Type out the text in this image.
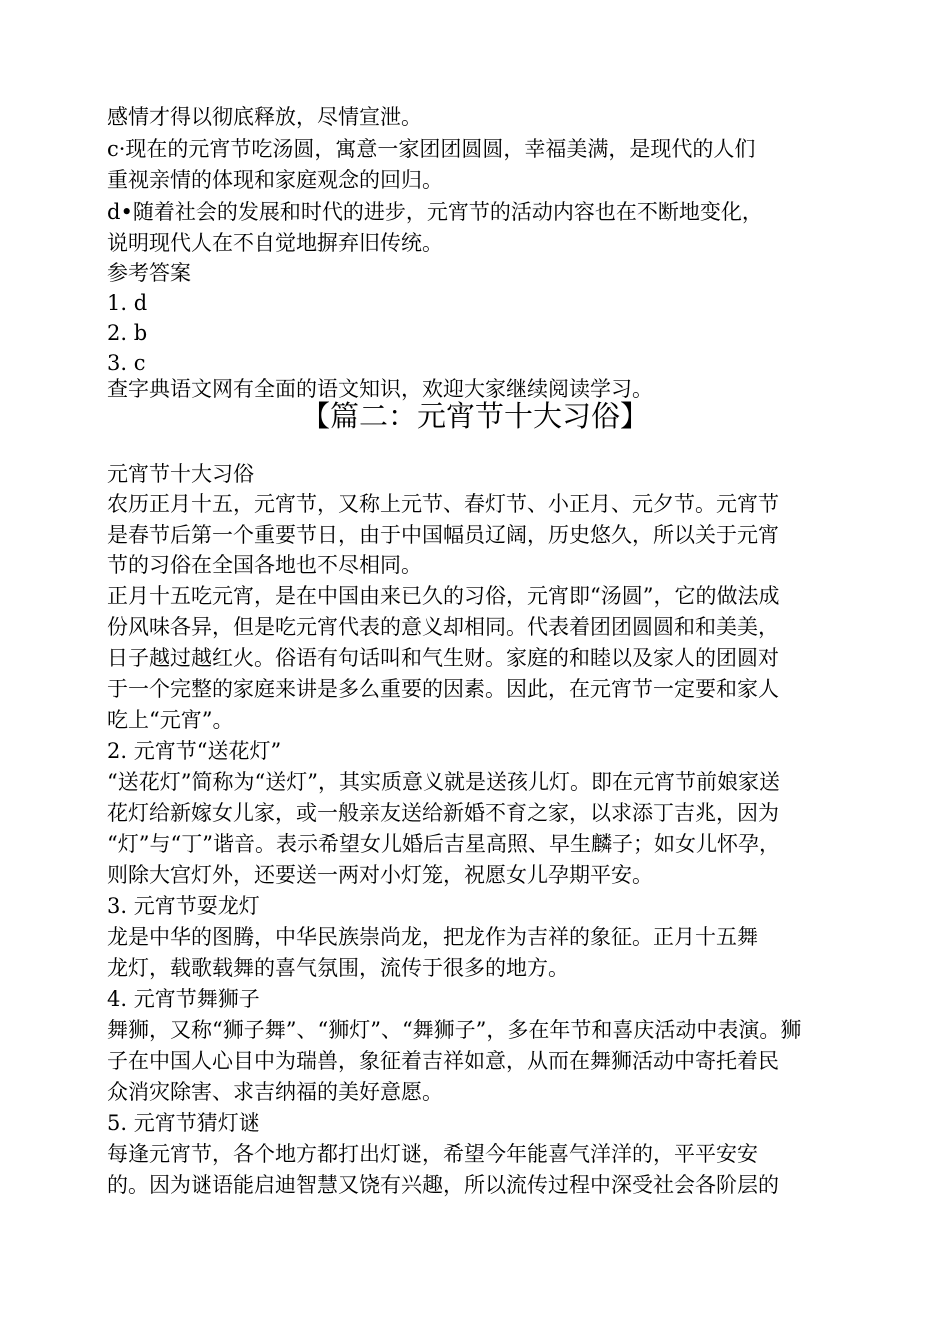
感情才得以彻底释放，尽情宣泄。
c·现在的元宵节吃汤圆，寓意一家团团圆圆，幸福美满，是现代的人们
重视亲情的体现和家庭观念的回归。
d•随着社会的发展和时代的进步，元宵节的活动内容也在不断地变化，
说明现代人在不自觉地摒弃旧传统。
参考答案
1. d
2. b
3. c
查字典语文网有全面的语文知识，欢迎大家继续阅读学习。
【篇二：元宵节十大习俗】
元宵节十大习俗
农历正月十五，元宵节，又称上元节、春灯节、小正月、元夕节。元宵节
是春节后第一个重要节日，由于中国幅员辽阔，历史悠久，所以关于元宵
节的习俗在全国各地也不尽相同。
正月十五吃元宵，是在中国由来已久的习俗，元宵即“汤圆”，它的做法成
份风味各异，但是吃元宵代表的意义却相同。代表着团团圆圆和和美美，
日子越过越红火。俗语有句话叫和气生财。家庭的和睦以及家人的团圆对
于一个完整的家庭来讲是多么重要的因素。因此，在元宵节一定要和家人
吃上“元宵”。
2. 元宵节“送花灯”
“送花灯”简称为“送灯”，其实质意义就是送孩儿灯。即在元宵节前娘家送
花灯给新嫁女儿家，或一般亲友送给新婚不育之家，以求添丁吉兆，因为
“灯”与“丁”谐音。表示希望女儿婚后吉星高照、早生麟子；如女儿怀孕，
则除大宫灯外，还要送一两对小灯笼，祝愿女儿孕期平安。
3. 元宵节耍龙灯
龙是中华的图腾，中华民族崇尚龙，把龙作为吉祥的象征。正月十五舞
龙灯，载歌载舞的喜气氛围，流传于很多的地方。
4. 元宵节舞狮子
舞狮，又称“狮子舞”、“狮灯”、“舞狮子”，多在年节和喜庆活动中表演。狮
子在中国人心目中为瑞兽，象征着吉祥如意，从而在舞狮活动中寄托着民
众消灾除害、求吉纳福的美好意愿。
5. 元宵节猜灯谜
每逢元宵节，各个地方都打出灯谜，希望今年能喜气洋洋的，平平安安
的。因为谜语能启迪智慧又饶有兴趣，所以流传过程中深受社会各阶层的
